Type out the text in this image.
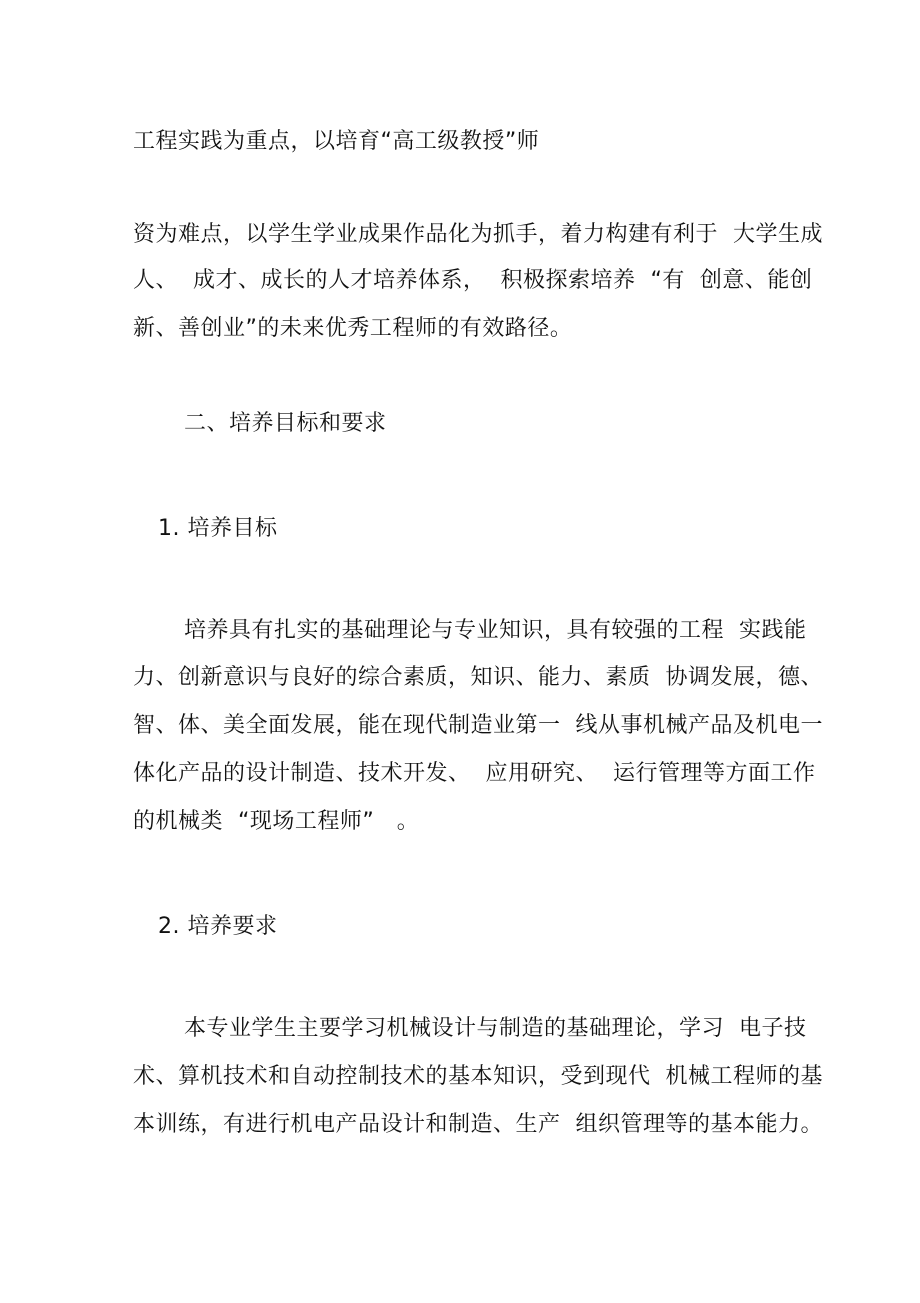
工程实践为重点，以培育“高工级教授”师
资为难点，以学生学业成果作品化为抓手，着力构建有利于  大学生成
人、  成才、成长的人才培养体系，  积极探索培养  “有  创意、能创
新、善创业”的未来优秀工程师的有效路径。
二、培养目标和要求
1. 培养目标
培养具有扎实的基础理论与专业知识，具有较强的工程  实践能
力、创新意识与良好的综合素质，知识、能力、素质  协调发展，德、
智、体、美全面发展，能在现代制造业第一  线从事机械产品及机电一
体化产品的设计制造、技术开发、  应用研究、  运行管理等方面工作
的机械类  “现场工程师”   。
2. 培养要求
本专业学生主要学习机械设计与制造的基础理论，学习  电子技
术、算机技术和自动控制技术的基本知识，受到现代  机械工程师的基
本训练，有进行机电产品设计和制造、生产  组织管理等的基本能力。
